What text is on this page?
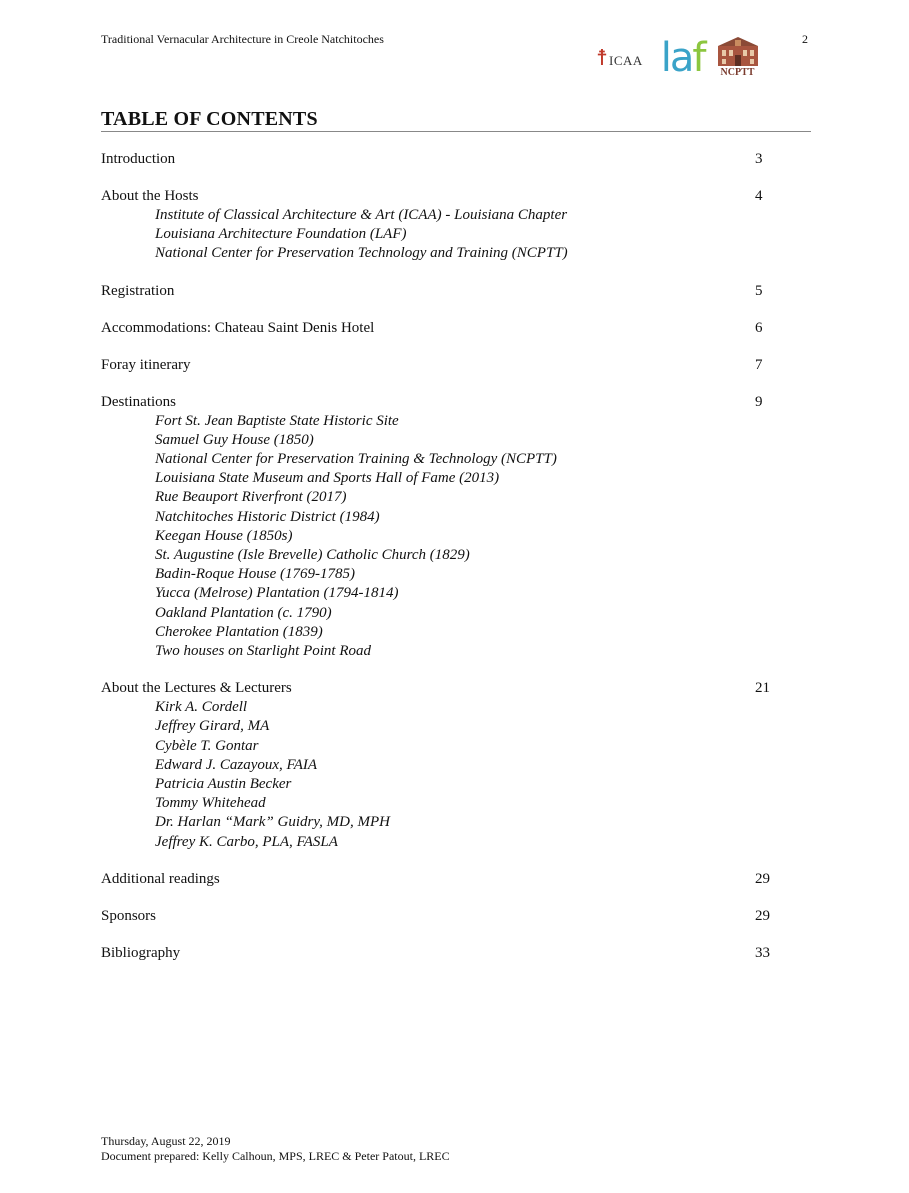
Traditional Vernacular Architecture in Creole Natchitoches	2
☨ ICAA l a f NCPTT
TABLE OF CONTENTS
Introduction	3
About the Hosts	4
Institute of Classical Architecture & Art (ICAA) - Louisiana Chapter
Louisiana Architecture Foundation (LAF)
National Center for Preservation Technology and Training (NCPTT)
Registration	5
Accommodations: Chateau Saint Denis Hotel	6
Foray itinerary	7
Destinations	9
Fort St. Jean Baptiste State Historic Site
Samuel Guy House (1850)
National Center for Preservation Training & Technology (NCPTT)
Louisiana State Museum and Sports Hall of Fame (2013)
Rue Beauport Riverfront (2017)
Natchitoches Historic District (1984)
Keegan House (1850s)
St. Augustine (Isle Brevelle) Catholic Church (1829)
Badin-Roque House (1769-1785)
Yucca (Melrose) Plantation (1794-1814)
Oakland Plantation (c. 1790)
Cherokee Plantation (1839)
Two houses on Starlight Point Road
About the Lectures & Lecturers	21
Kirk A. Cordell
Jeffrey Girard, MA
Cybèle T. Gontar
Edward J. Cazayoux, FAIA
Patricia Austin Becker
Tommy Whitehead
Dr. Harlan “Mark” Guidry, MD, MPH
Jeffrey K. Carbo, PLA, FASLA
Additional readings	29
Sponsors	29
Bibliography	33
Thursday, August 22, 2019
Document prepared: Kelly Calhoun, MPS, LREC & Peter Patout, LREC
